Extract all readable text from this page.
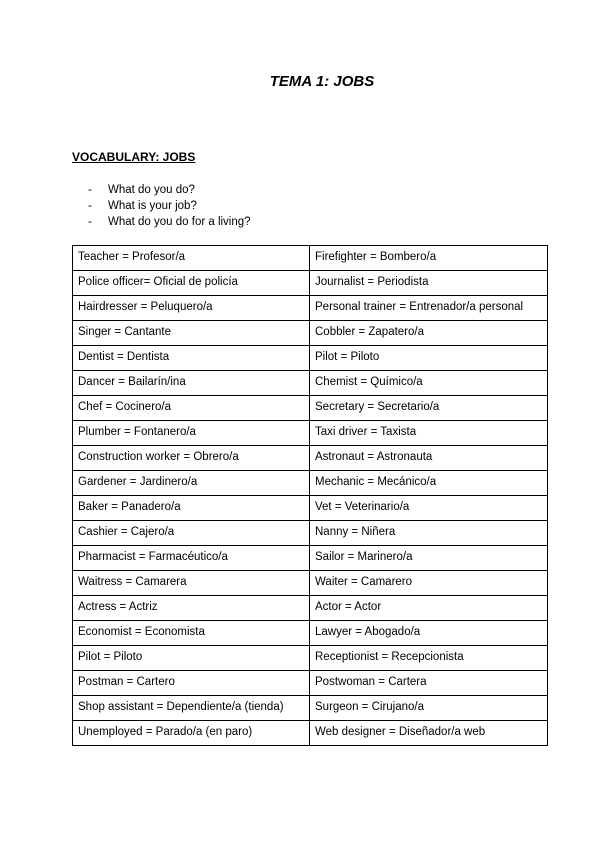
TEMA 1: JOBS
VOCABULARY: JOBS
-	What do you do?
-	What is your job?
-	What do you do for a living?
Teacher = Profesor/a	Firefighter = Bombero/a
Police officer= Oficial de policía	Journalist = Periodista
Hairdresser = Peluquero/a	Personal trainer = Entrenador/a personal
Singer = Cantante	Cobbler = Zapatero/a
Dentist = Dentista	Pilot = Piloto
Dancer = Bailarín/ina	Chemist = Químico/a
Chef = Cocinero/a	Secretary = Secretario/a
Plumber = Fontanero/a	Taxi driver = Taxista
Construction worker = Obrero/a	Astronaut = Astronauta
Gardener = Jardinero/a	Mechanic = Mecánico/a
Baker = Panadero/a	Vet = Veterinario/a
Cashier = Cajero/a	Nanny = Niñera
Pharmacist = Farmacéutico/a	Sailor = Marinero/a
Waitress = Camarera	Waiter = Camarero
Actress = Actriz	Actor = Actor
Economist = Economista	Lawyer = Abogado/a
Pilot = Piloto	Receptionist = Recepcionista
Postman = Cartero	Postwoman = Cartera
Shop assistant = Dependiente/a (tienda)	Surgeon = Cirujano/a
Unemployed = Parado/a (en paro)	Web designer = Diseñador/a web
